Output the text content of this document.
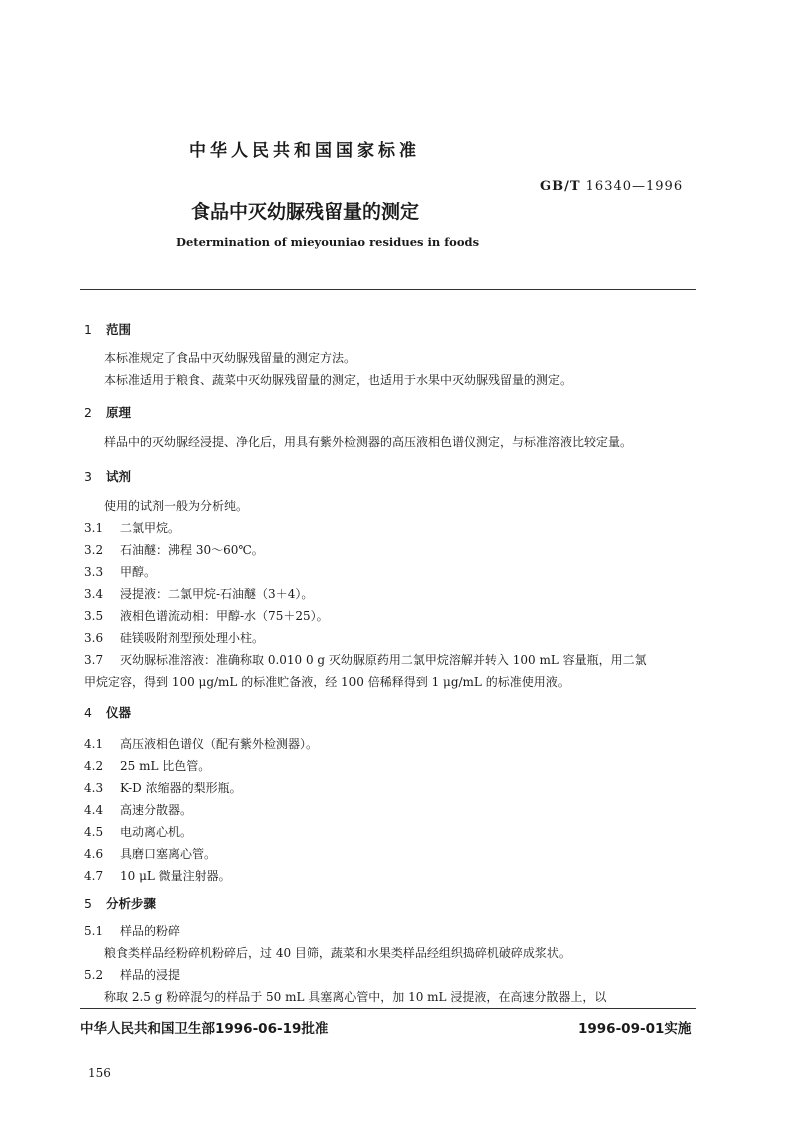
中华人民共和国国家标准
GB/T 16340—1996
食品中灭幼脲残留量的测定
Determination of mieyouniao residues in foods
1 范围
本标准规定了食品中灭幼脲残留量的测定方法。
本标准适用于粮食、蔬菜中灭幼脲残留量的测定，也适用于水果中灭幼脲残留量的测定。
2 原理
样品中的灭幼脲经浸提、净化后，用具有紫外检测器的高压液相色谱仪测定，与标准溶液比较定量。
3 试剂
使用的试剂一般为分析纯。
3.1 二氯甲烷。
3.2 石油醚：沸程 30～60℃。
3.3 甲醇。
3.4 浸提液：二氯甲烷-石油醚（3＋4）。
3.5 液相色谱流动相：甲醇-水（75＋25）。
3.6 硅镁吸附剂型预处理小柱。
3.7 灭幼脲标准溶液：准确称取 0.010 0 g 灭幼脲原药用二氯甲烷溶解并转入 100 mL 容量瓶，用二氯
甲烷定容，得到 100 μg/mL 的标准贮备液，经 100 倍稀释得到 1 μg/mL 的标准使用液。
4 仪器
4.1 高压液相色谱仪（配有紫外检测器）。
4.2 25 mL 比色管。
4.3 K-D 浓缩器的梨形瓶。
4.4 高速分散器。
4.5 电动离心机。
4.6 具磨口塞离心管。
4.7 10 μL 微量注射器。
5 分析步骤
5.1 样品的粉碎
粮食类样品经粉碎机粉碎后，过 40 目筛，蔬菜和水果类样品经组织捣碎机破碎成浆状。
5.2 样品的浸提
称取 2.5 g 粉碎混匀的样品于 50 mL 具塞离心管中，加 10 mL 浸提液，在高速分散器上，以
中华人民共和国卫生部1996-06-19批准	1996-09-01实施
156
